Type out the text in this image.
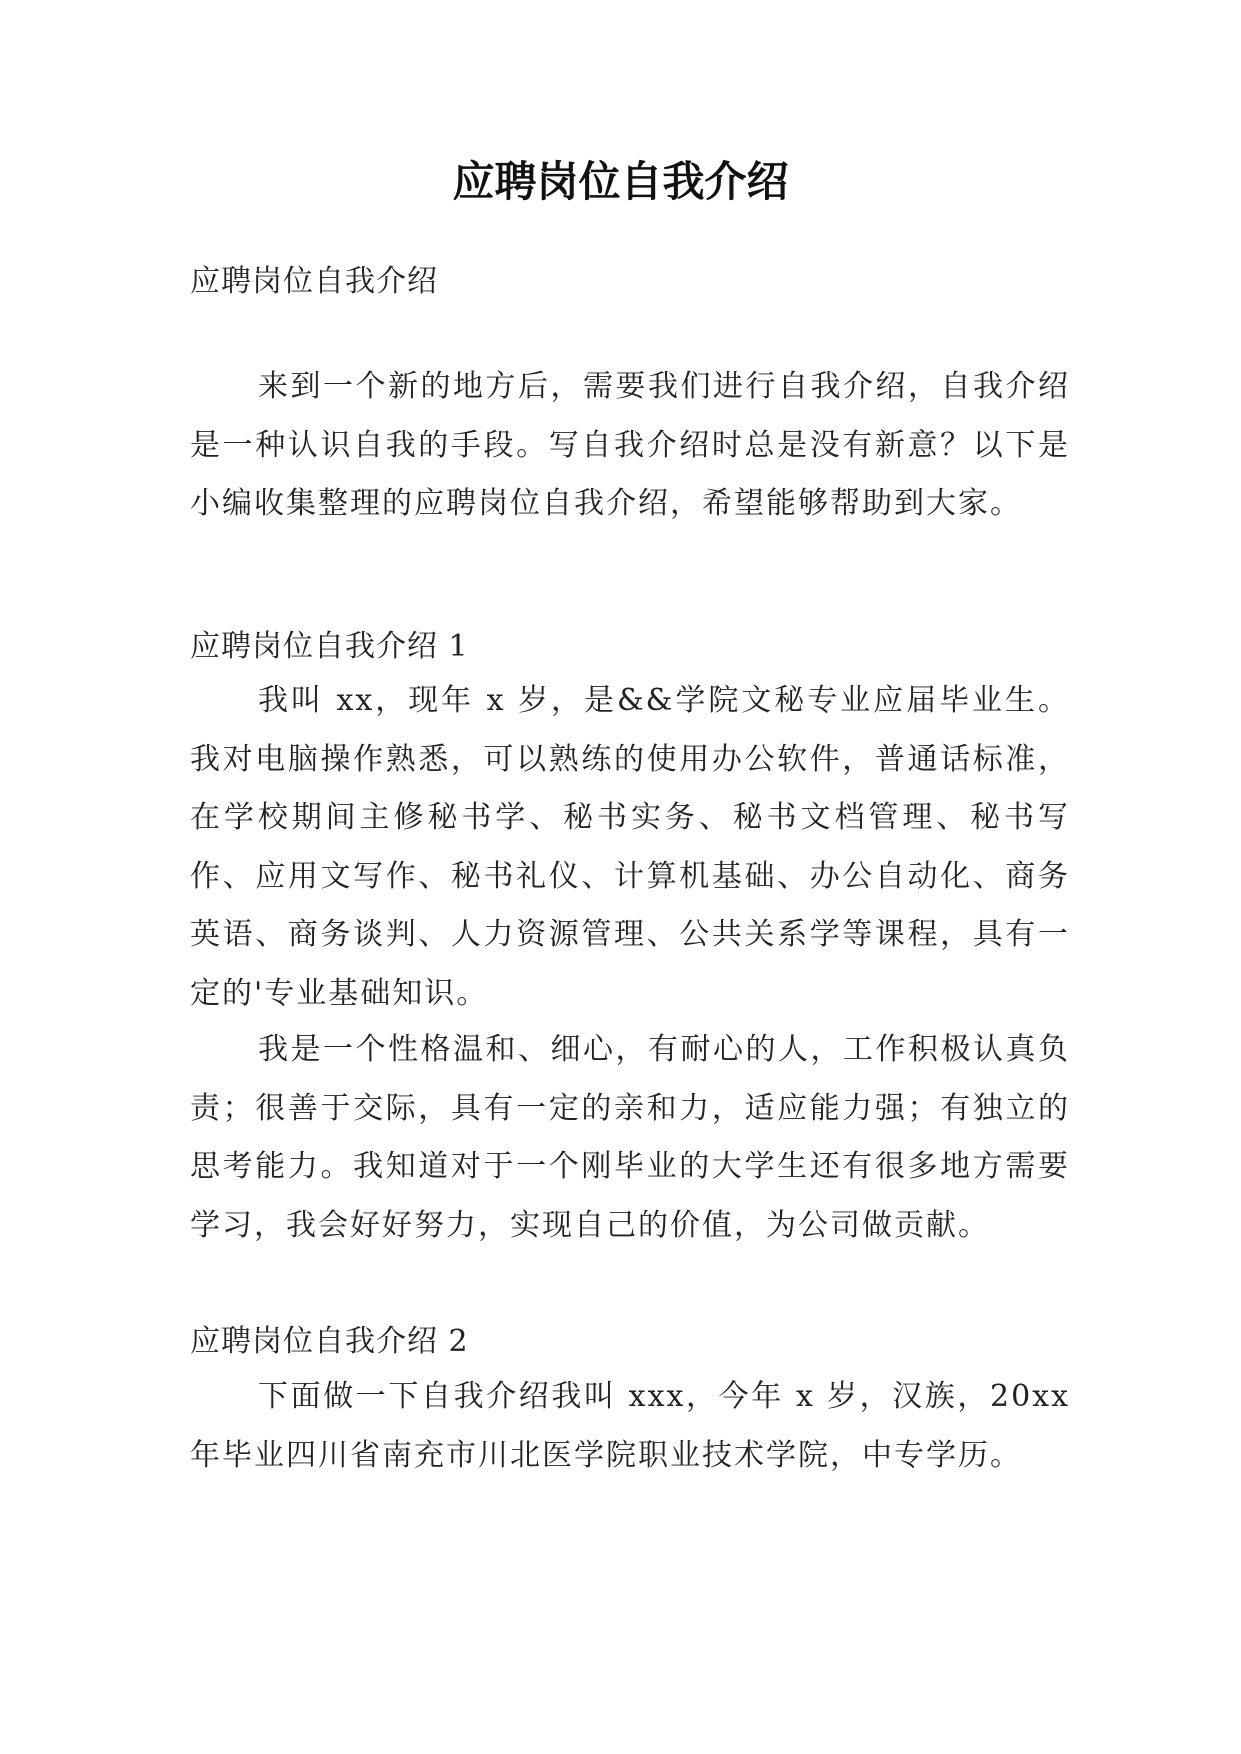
应聘岗位自我介绍

应聘岗位自我介绍

来到一个新的地方后，需要我们进行自我介绍，自我介绍是一种认识自我的手段。写自我介绍时总是没有新意？以下是小编收集整理的应聘岗位自我介绍，希望能够帮助到大家。

应聘岗位自我介绍 1

我叫 xx，现年 x 岁，是&&学院文秘专业应届毕业生。我对电脑操作熟悉，可以熟练的使用办公软件，普通话标准，在学校期间主修秘书学、秘书实务、秘书文档管理、秘书写作、应用文写作、秘书礼仪、计算机基础、办公自动化、商务英语、商务谈判、人力资源管理、公共关系学等课程，具有一定的'专业基础知识。

我是一个性格温和、细心，有耐心的人，工作积极认真负责；很善于交际，具有一定的亲和力，适应能力强；有独立的思考能力。我知道对于一个刚毕业的大学生还有很多地方需要学习，我会好好努力，实现自己的价值，为公司做贡献。

应聘岗位自我介绍 2

下面做一下自我介绍我叫 xxx，今年 x 岁，汉族，20xx 年毕业四川省南充市川北医学院职业技术学院，中专学历。
